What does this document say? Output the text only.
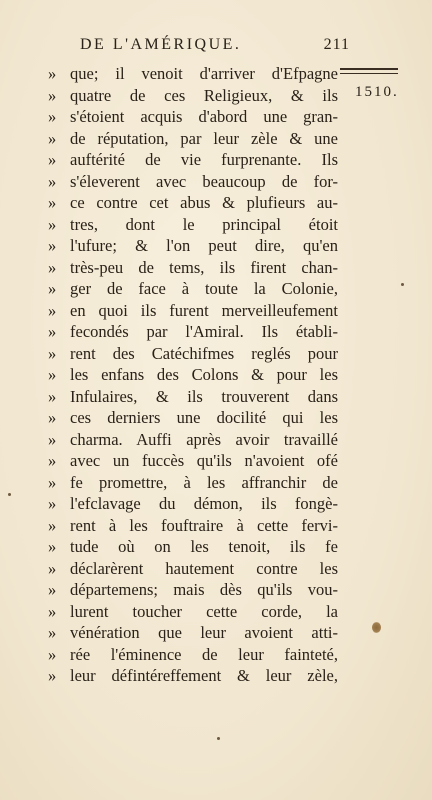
DE L'AMÉRIQUE.	211
1510.
» que; il venoit d'arriver d'Efpagne
» quatre de ces Religieux, & ils
» s'étoient acquis d'abord une gran-
» de réputation, par leur zèle & une
» auftérité de vie furprenante. Ils
» s'éleverent avec beaucoup de for-
» ce contre cet abus & plufieurs au-
» tres, dont le principal étoit
» l'ufure; & l'on peut dire, qu'en
» très-peu de tems, ils firent chan-
» ger de face à toute la Colonie,
» en quoi ils furent merveilleufement
» fecondés par l'Amiral. Ils établi-
» rent des Catéchifmes reglés pour
» les enfans des Colons & pour les
» Infulaires, & ils trouverent dans
» ces derniers une docilité qui les
» charma. Auffi après avoir travaillé
» avec un fuccès qu'ils n'avoient ofé
» fe promettre, à les affranchir de
» l'efclavage du démon, ils fongè-
» rent à les fouftraire à cette fervi-
» tude où on les tenoit, ils fe
» déclarèrent hautement contre les
» départemens; mais dès qu'ils vou-
» lurent toucher cette corde, la
» vénération que leur avoient atti-
» rée l'éminence de leur fainteté,
» leur défintéreffement & leur zèle,
